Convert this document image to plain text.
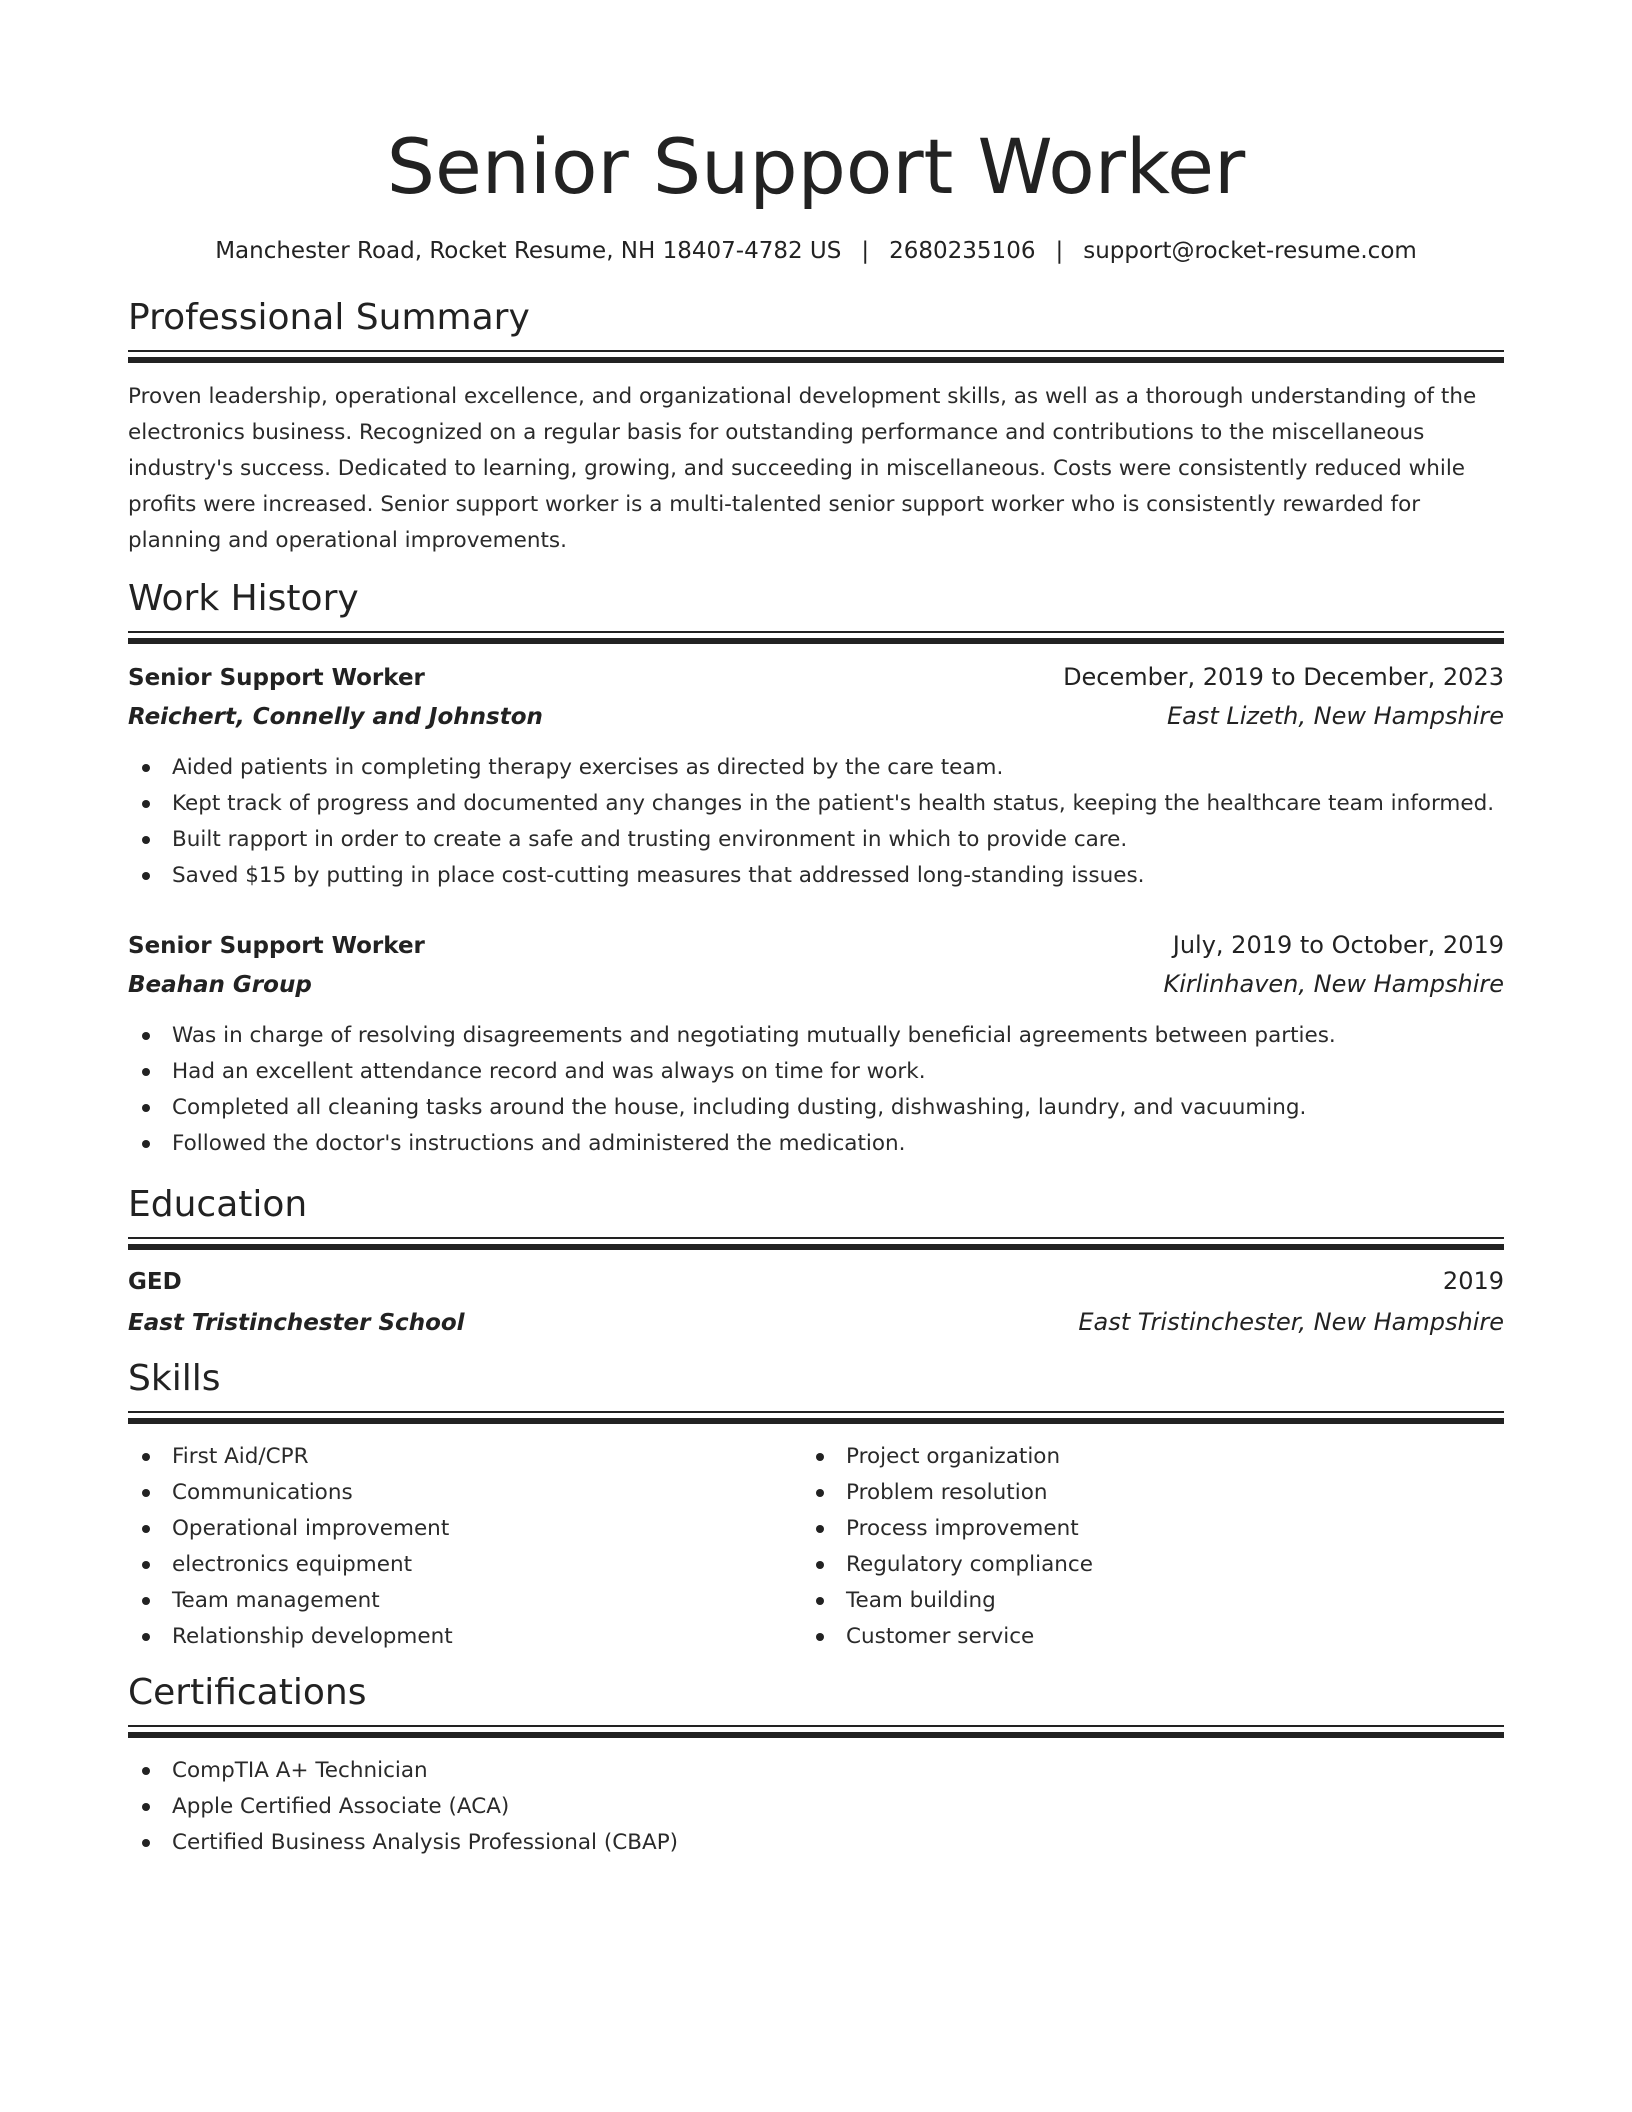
Senior Support Worker
Manchester Road, Rocket Resume, NH 18407-4782 US | 2680235106 | support@rocket-resume.com
Professional Summary

Proven leadership, operational excellence, and organizational development skills, as well as a thorough understanding of the electronics business. Recognized on a regular basis for outstanding performance and contributions to the miscellaneous industry's success. Dedicated to learning, growing, and succeeding in miscellaneous. Costs were consistently reduced while profits were increased. Senior support worker is a multi-talented senior support worker who is consistently rewarded for planning and operational improvements.

Work History
Senior Support Worker	December, 2019 to December, 2023
Reichert, Connelly and Johnston	East Lizeth, New Hampshire
Aided patients in completing therapy exercises as directed by the care team.
Kept track of progress and documented any changes in the patient's health status, keeping the healthcare team informed.
Built rapport in order to create a safe and trusting environment in which to provide care.
Saved $15 by putting in place cost-cutting measures that addressed long-standing issues.
Senior Support Worker	July, 2019 to October, 2019
Beahan Group	Kirlinhaven, New Hampshire
Was in charge of resolving disagreements and negotiating mutually beneficial agreements between parties.
Had an excellent attendance record and was always on time for work.
Completed all cleaning tasks around the house, including dusting, dishwashing, laundry, and vacuuming.
Followed the doctor's instructions and administered the medication.
Education
GED	2019
East Tristinchester School	East Tristinchester, New Hampshire
Skills
First Aid/CPR
Communications
Operational improvement
electronics equipment
Team management
Relationship development
Project organization
Problem resolution
Process improvement
Regulatory compliance
Team building
Customer service
Certifications
CompTIA A+ Technician
Apple Certified Associate (ACA)
Certified Business Analysis Professional (CBAP)
